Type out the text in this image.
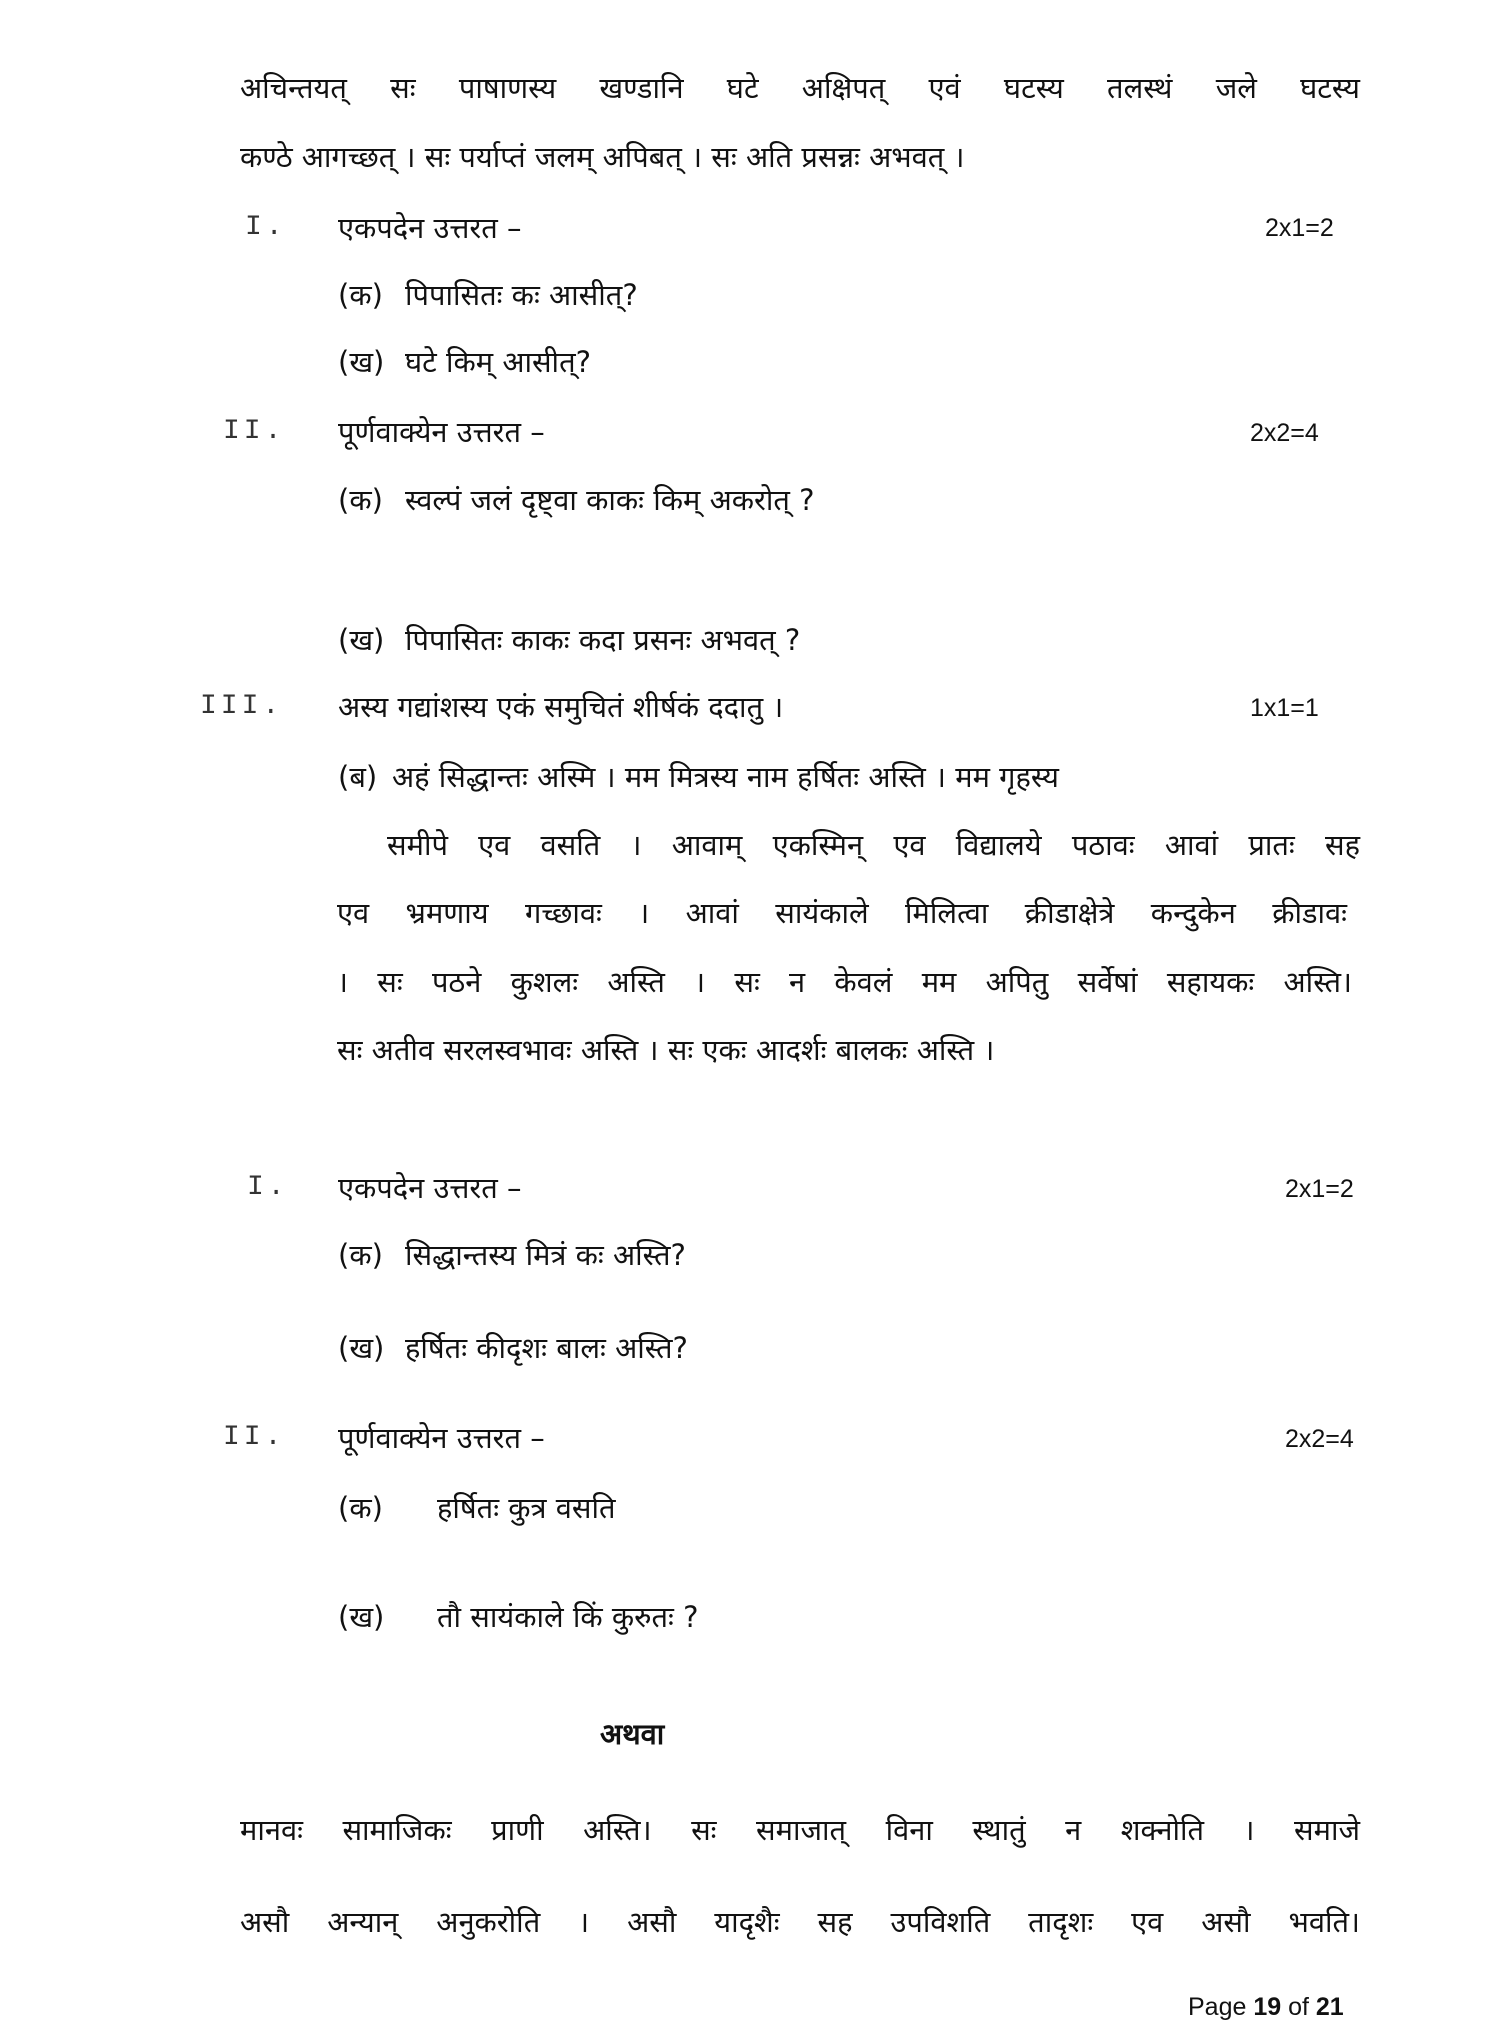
अचिन्तयत् सः पाषाणस्य खण्डानि घटे अक्षिपत् एवं घटस्य तलस्थं जले घटस्य
कण्ठे आगच्छत् । सः पर्याप्तं जलम् अपिबत् । सः अति प्रसन्नः अभवत् ।
I. एकपदेन उत्तरत –	2x1=2
(क) पिपासितः कः आसीत्?
(ख) घटे किम् आसीत्?
II. पूर्णवाक्येन उत्तरत –	2x2=4
(क) स्वल्पं जलं दृष्ट्वा काकः किम् अकरोत् ?
(ख) पिपासितः काकः कदा प्रसनः अभवत् ?
III. अस्य गद्यांशस्य एकं समुचितं शीर्षकं ददातु ।	1x1=1
(ब) अहं सिद्धान्तः अस्मि । मम मित्रस्य नाम हर्षितः अस्ति । मम गृहस्य
समीपे एव वसति । आवाम् एकस्मिन् एव विद्यालये पठावः आवां प्रातः सह
एव भ्रमणाय गच्छावः । आवां सायंकाले मिलित्वा क्रीडाक्षेत्रे कन्दुकेन क्रीडावः
। सः पठने कुशलः अस्ति । सः न केवलं मम अपितु सर्वेषां सहायकः अस्ति।
सः अतीव सरलस्वभावः अस्ति । सः एकः आदर्शः बालकः अस्ति ।
I. एकपदेन उत्तरत –	2x1=2
(क) सिद्धान्तस्य मित्रं कः अस्ति?
(ख) हर्षितः कीदृशः बालः अस्ति?
II. पूर्णवाक्येन उत्तरत –	2x2=4
(क) हर्षितः कुत्र वसति
(ख) तौ सायंकाले किं कुरुतः ?
अथवा
मानवः सामाजिकः प्राणी अस्ति। सः समाजात् विना स्थातुं न शक्नोति । समाजे
असौ अन्यान् अनुकरोति । असौ यादृशैः सह उपविशति तादृशः एव असौ भवति।
Page 19 of 21
